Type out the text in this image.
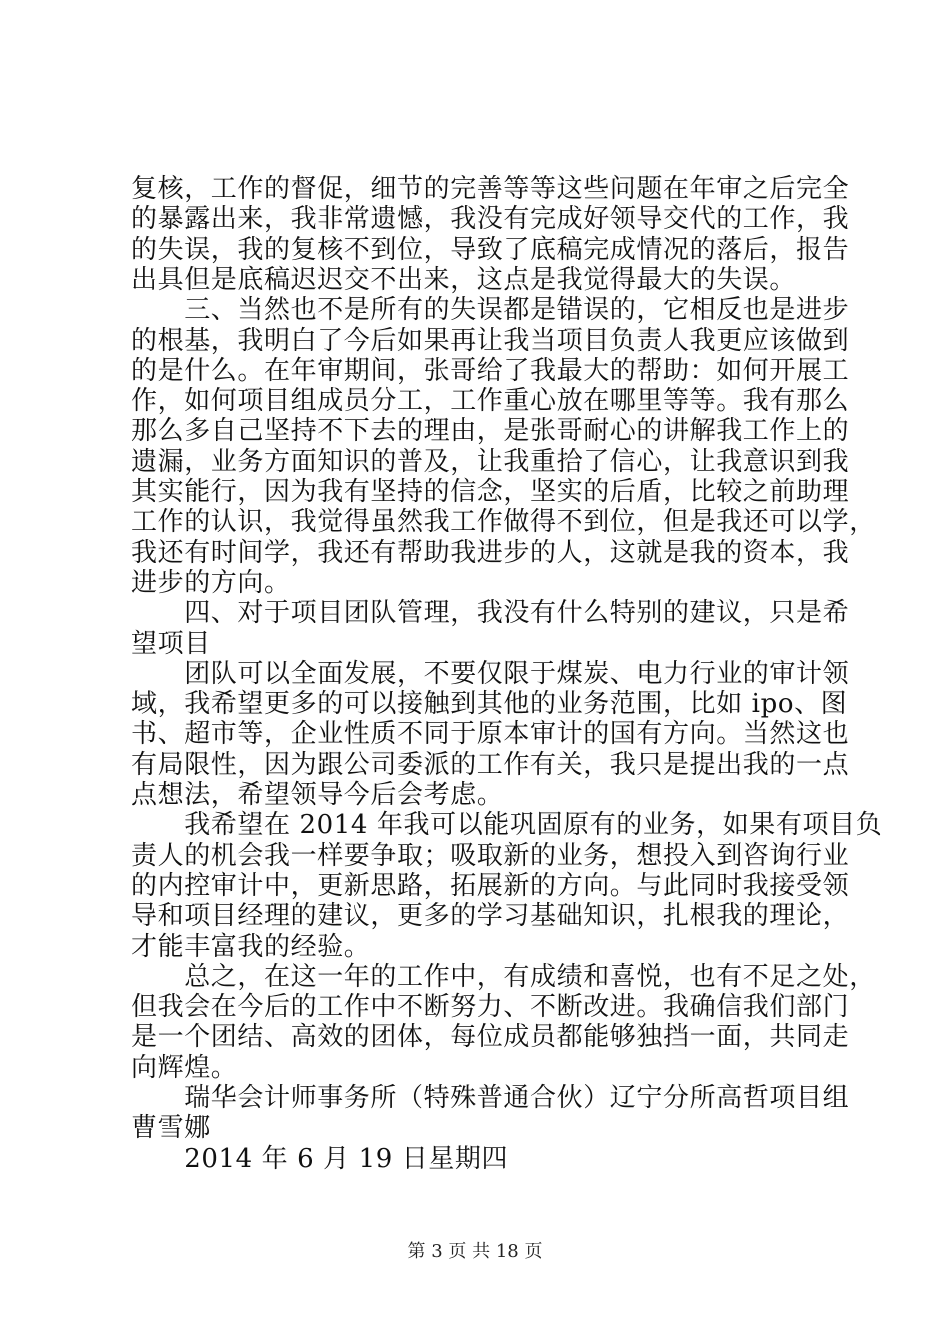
复核，工作的督促，细节的完善等等这些问题在年审之后完全
的暴露出来，我非常遗憾，我没有完成好领导交代的工作，我
的失误，我的复核不到位，导致了底稿完成情况的落后，报告
出具但是底稿迟迟交不出来，这点是我觉得最大的失误。
　　三、当然也不是所有的失误都是错误的，它相反也是进步
的根基，我明白了今后如果再让我当项目负责人我更应该做到
的是什么。在年审期间，张哥给了我最大的帮助：如何开展工
作，如何项目组成员分工，工作重心放在哪里等等。我有那么
那么多自己坚持不下去的理由，是张哥耐心的讲解我工作上的
遗漏，业务方面知识的普及，让我重拾了信心，让我意识到我
其实能行，因为我有坚持的信念，坚实的后盾，比较之前助理
工作的认识，我觉得虽然我工作做得不到位，但是我还可以学，
我还有时间学，我还有帮助我进步的人，这就是我的资本，我
进步的方向。
　　四、对于项目团队管理，我没有什么特别的建议，只是希
望项目
　　团队可以全面发展，不要仅限于煤炭、电力行业的审计领
域，我希望更多的可以接触到其他的业务范围，比如 ipo、图
书、超市等，企业性质不同于原本审计的国有方向。当然这也
有局限性，因为跟公司委派的工作有关，我只是提出我的一点
点想法，希望领导今后会考虑。
　　我希望在 2014 年我可以能巩固原有的业务，如果有项目负
责人的机会我一样要争取；吸取新的业务，想投入到咨询行业
的内控审计中，更新思路，拓展新的方向。与此同时我接受领
导和项目经理的建议，更多的学习基础知识，扎根我的理论，
才能丰富我的经验。
　　总之，在这一年的工作中，有成绩和喜悦，也有不足之处，
但我会在今后的工作中不断努力、不断改进。我确信我们部门
是一个团结、高效的团体，每位成员都能够独挡一面，共同走
向辉煌。
　　瑞华会计师事务所（特殊普通合伙）辽宁分所高哲项目组
曹雪娜
　　2014 年 6 月 19 日星期四
第 3 页 共 18 页
